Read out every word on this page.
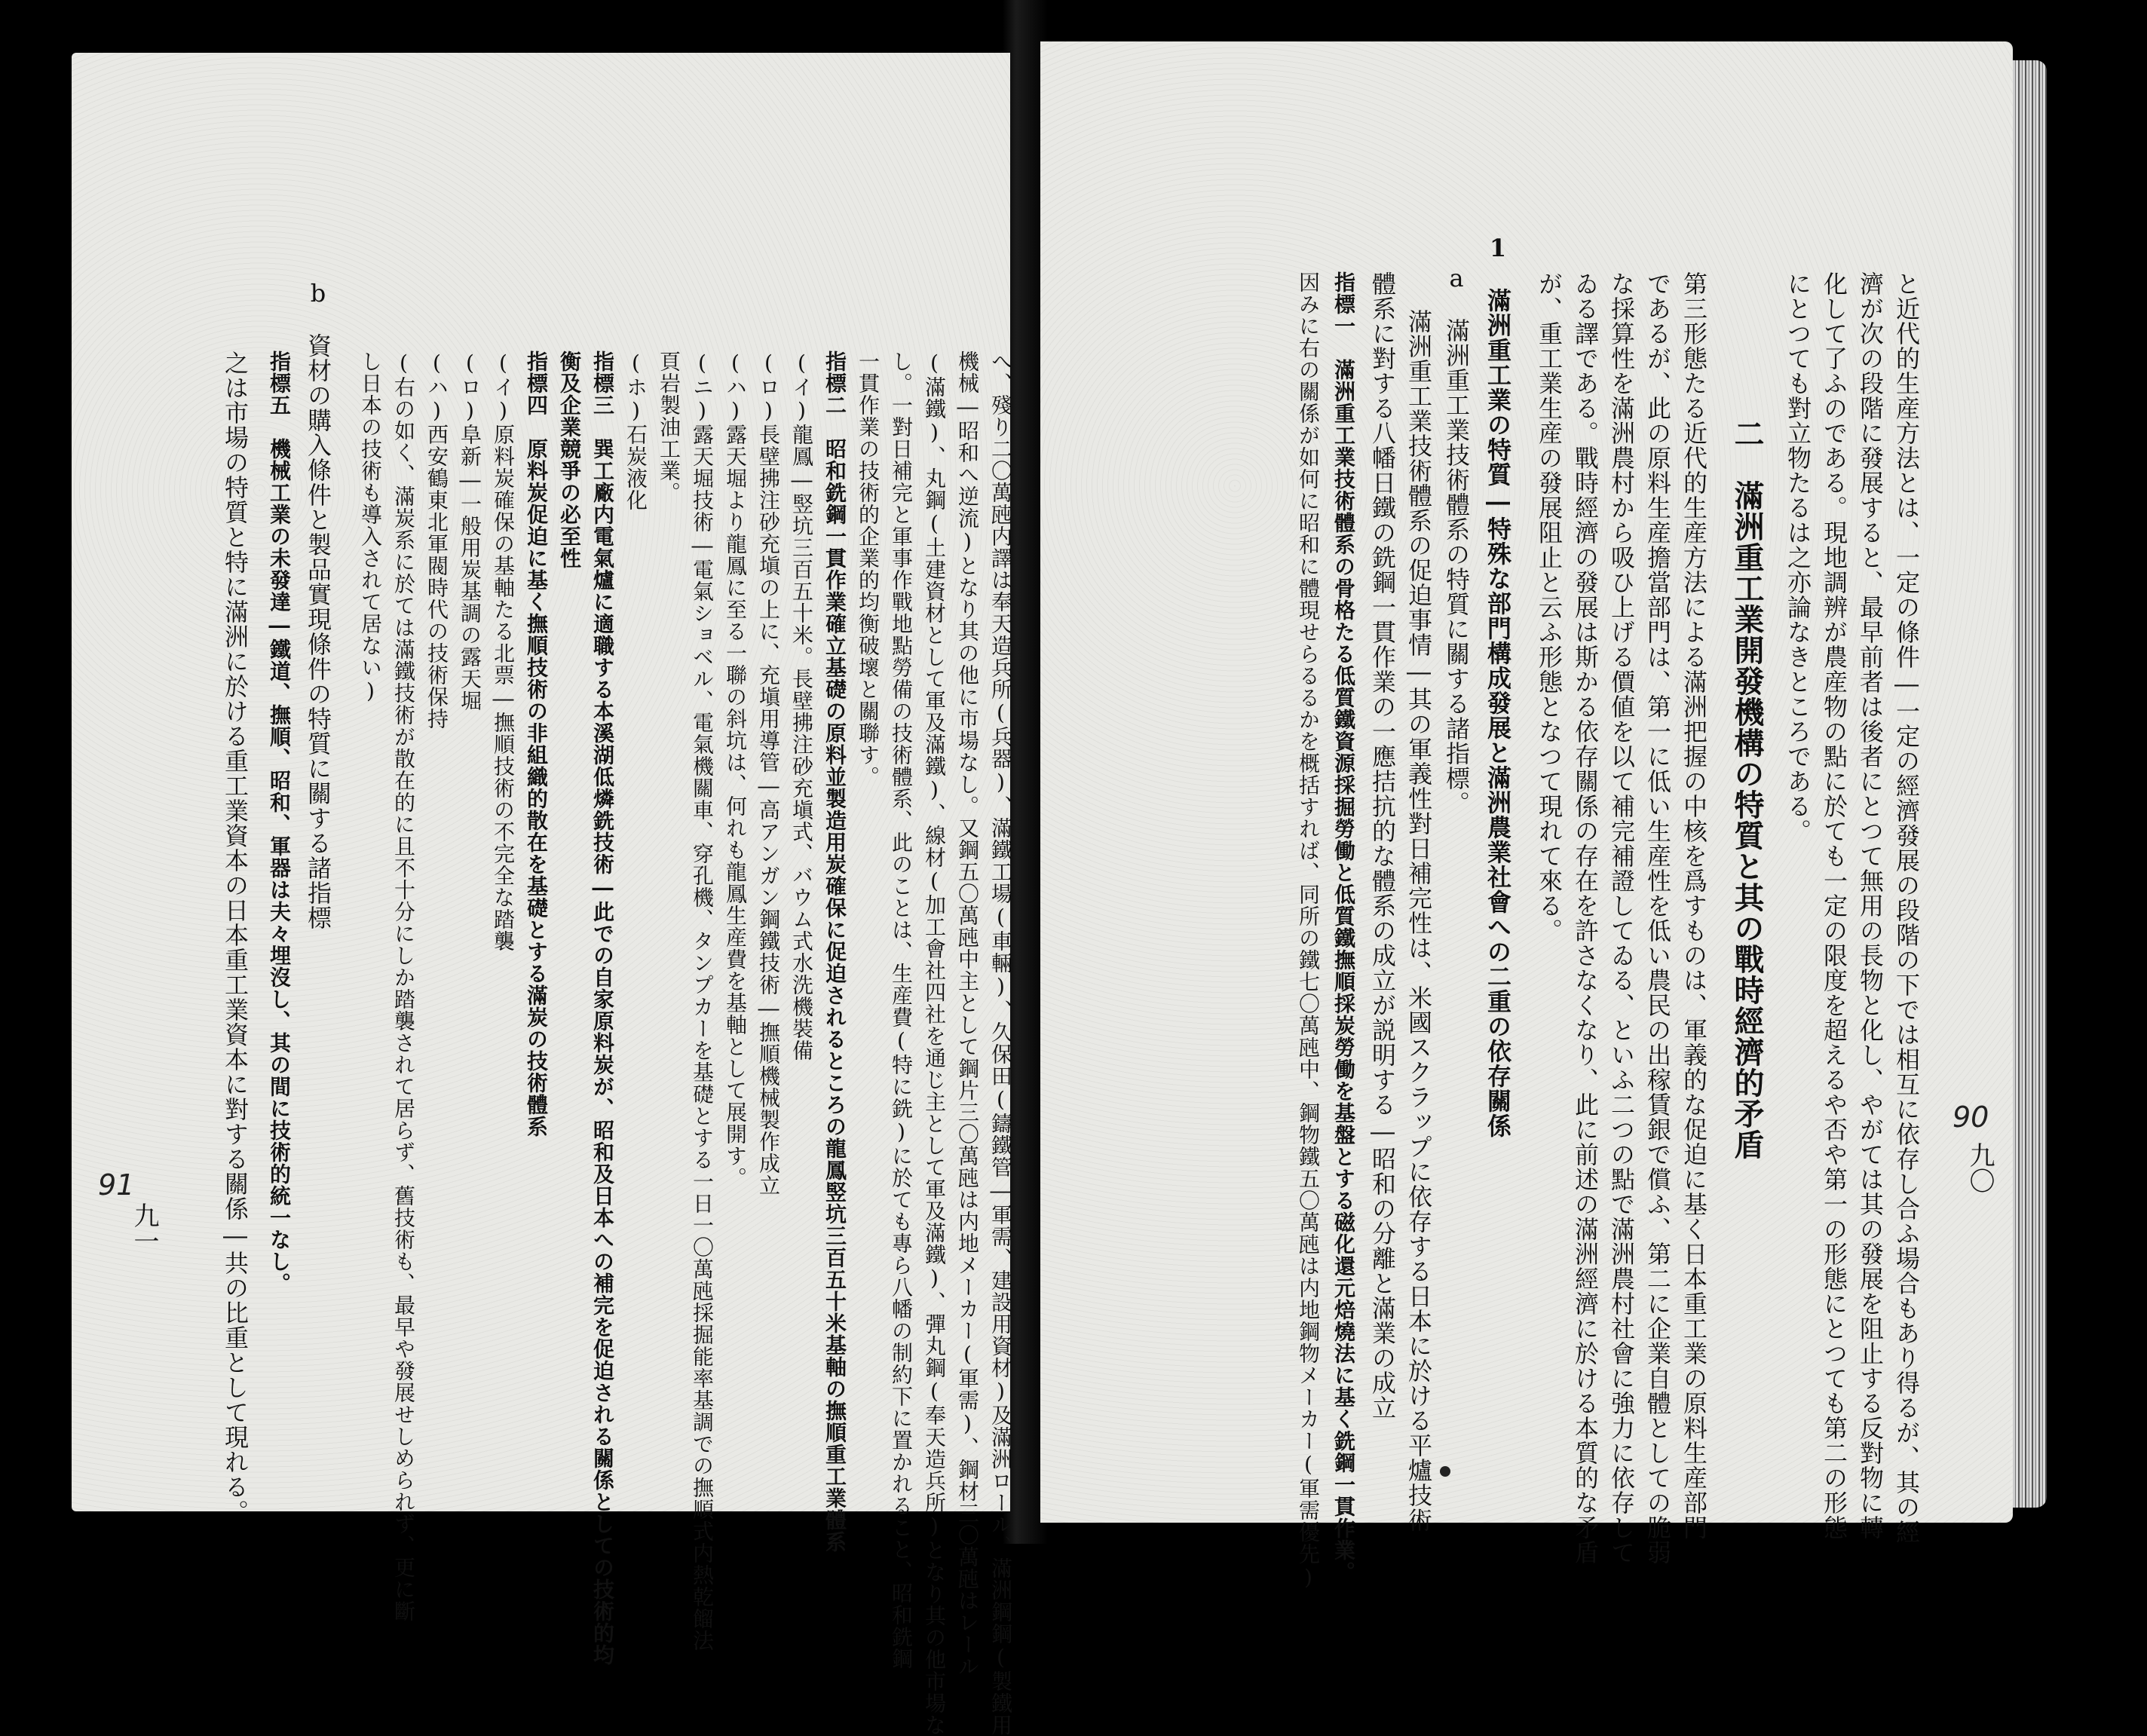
へ、殘り二〇萬瓲内譯は奉天造兵所(兵器)、滿鐵工場(車輛)、久保田(鑄鐵管―軍需、建設用資材)及滿洲ロール、滿洲鋼鋼(製鐵用
機械―昭和へ逆流)となり其の他に市場なし。又鋼五〇萬瓲中主として鋼片三〇萬瓲は内地メーカー(軍需)、鋼材三〇萬瓲はレール
(滿鐵)、丸鋼(土建資材として軍及滿鐵)、線材(加工會社四社を通じ主として軍及滿鐵)、彈丸鋼(奉天造兵所)となり其の他市場な
し。一對日補完と軍事作戰地點勞備の技術體系、此のことは、生産費(特に銑)に於ても專ら八幡の制約下に置かれること、昭和銑鋼
一貫作業の技術的企業的均衡破壞と關聯す。
指標二　昭和銑鋼一貫作業確立基礎の原料並製造用炭確保に促迫されるところの龍鳳竪坑三百五十米基軸の撫順重工業體系
(イ)龍鳳―竪坑三百五十米。長壁拂注砂充塡式、バウム式水洗機裝備
(ロ)長壁拂注砂充塡の上に、充塡用導管―高アンガン鋼鐵技術―撫順機械製作成立
(ハ)露天堀より龍鳳に至る一聯の斜坑は、何れも龍鳳生産費を基軸として展開す。
(ニ)露天堀技術―電氣ショベル、電氣機關車、穿孔機、タンプカーを基礎とする一日一〇萬瓲採掘能率基調での撫順式内熱乾餾法
頁岩製油工業。
(ホ)石炭液化
指標三　巽工廠内電氣爐に適職する本溪湖低燐銑技術―此での自家原料炭が、昭和及日本への補完を促迫される關係としての技術的均
衡及企業競爭の必至性
指標四　原料炭促迫に基く撫順技術の非組織的散在を基礎とする滿炭の技術體系
(イ)原料炭確保の基軸たる北票―撫順技術の不完全な踏襲
(ロ)阜新―一般用炭基調の露天堀
(ハ)西安鶴東北軍閥時代の技術保持
(右の如く、滿炭系に於ては滿鐵技術が散在的に且不十分にしか踏襲されて居らず、舊技術も、最早や發展せしめられず、更に斷
し日本の技術も導入されて居ない)
b　資材の購入條件と製品實現條件の特質に關する諸指標
指標五　機械工業の未發達―鐵道、撫順、昭和、軍器は夫々埋沒し、其の間に技術的統一なし。
之は市場の特質と特に滿洲に於ける重工業資本の日本重工業資本に對する關係―共の比重として現れる。
91
九一
90
九〇
と近代的生産方法とは、一定の條件―一定の經濟發展の段階の下では相互に依存し合ふ場合もあり得るが、其の經
濟が次の段階に發展すると、最早前者は後者にとつて無用の長物と化し、やがては其の發展を阻止する反對物に轉
化して了ふのである。現地調辨が農産物の點に於ても一定の限度を超えるや否や第一の形態にとつても第二の形態
にとつても對立物たるは之亦論なきところである。
二　滿洲重工業開發機構の特質と其の戰時經濟的矛盾
第三形態たる近代的生産方法による滿洲把握の中核を爲すものは、軍義的な促迫に基く日本重工業の原料生産部門
であるが、此の原料生産擔當部門は、第一に低い生産性を低い農民の出稼賃銀で償ふ、第二に企業自體としての脆弱
な採算性を滿洲農村から吸ひ上げる價値を以て補完補證してゐる、といふ二つの點で滿洲農村社會に強力に依存して
ゐる譯である。戰時經濟の發展は斯かる依存關係の存在を許さなくなり、此に前述の滿洲經濟に於ける本質的な矛盾
が、重工業生産の發展阻止と云ふ形態となつて現れて來る。
1　滿洲重工業の特質―特殊な部門構成發展と滿洲農業社會への二重の依存關係
a　滿洲重工業技術體系の特質に關する諸指標。
滿洲重工業技術體系の促迫事情―其の軍義性對日補完性は、米國スクラップに依存する日本に於ける平爐技術
體系に對する八幡日鐵の銑鋼一貫作業の一應拮抗的な體系の成立が説明する―昭和の分離と滿業の成立
指標一　滿洲重工業技術體系の骨格たる低質鐵資源採掘勞働と低質鐵撫順採炭勞働を基盤とする磁化還元焙燒法に基く銑鋼一貫作業。
因みに右の關係が如何に昭和に體現せらるるかを概括すれば、同所の鐵七〇萬瓲中、鋼物鐵五〇萬瓲は内地鋼物メーカー(軍需優先)
